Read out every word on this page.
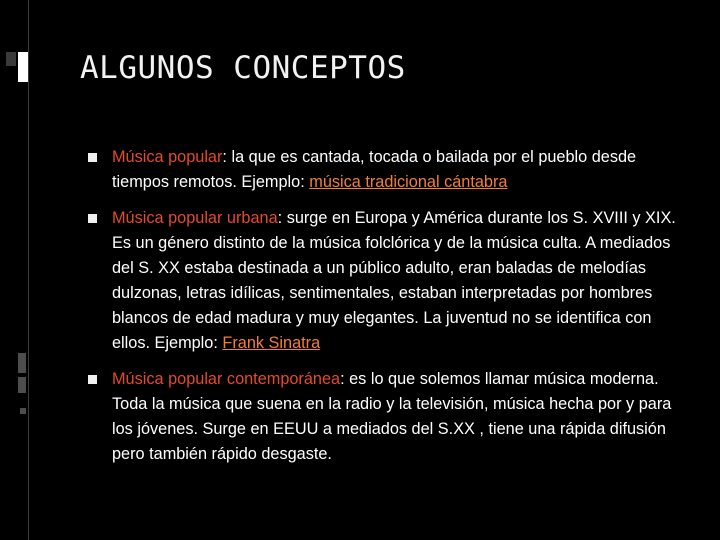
ALGUNOS CONCEPTOS
Música popular: la que es cantada, tocada o bailada por el pueblo desde tiempos remotos. Ejemplo: música tradicional cántabra
Música popular urbana: surge en Europa y América durante los S. XVIII y XIX. Es un género distinto de la música folclórica y de la música culta. A mediados del S. XX estaba destinada a un público adulto, eran baladas de melodías dulzonas, letras idílicas, sentimentales, estaban interpretadas por hombres blancos de edad madura y muy elegantes. La juventud no se identifica con ellos. Ejemplo: Frank Sinatra
Música popular contemporánea: es lo que solemos llamar música moderna. Toda la música que suena en la radio y la televisión, música hecha por y para los jóvenes. Surge en EEUU a mediados del S.XX , tiene una rápida difusión pero también rápido desgaste.
